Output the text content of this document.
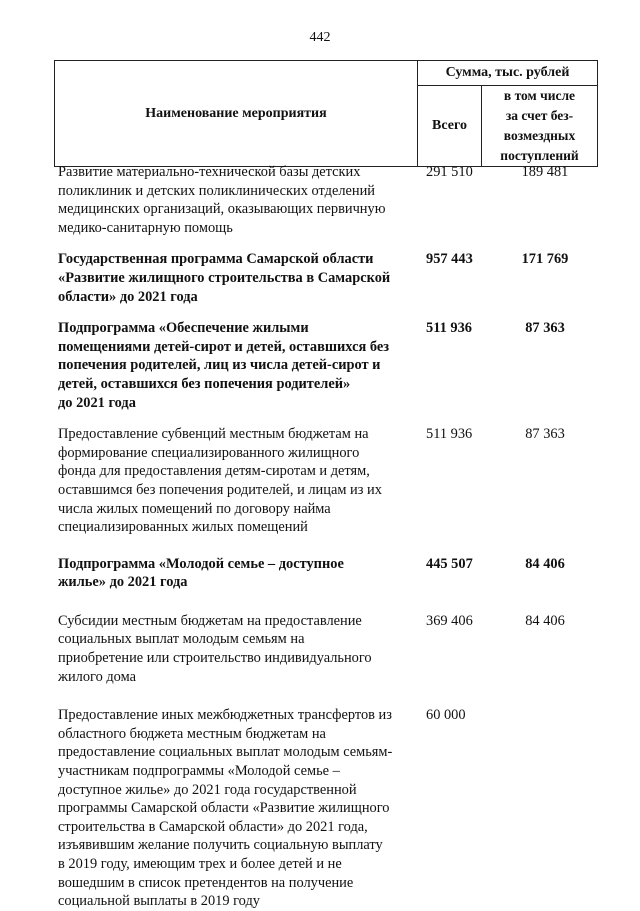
442
Наименование мероприятия	Сумма, тыс. рублей	
	Всего	в том числе
за счет без-
возмездных
поступлений
Развитие материально-технической базы детских
поликлиник и детских поликлинических отделений
медицинских организаций, оказывающих первичную
медико-санитарную помощь
291 510	189 481
Государственная программа Самарской области
«Развитие жилищного строительства в Самарской
области» до 2021 года
957 443	171 769
Подпрограмма «Обеспечение жилыми
помещениями детей-сирот и детей, оставшихся без
попечения родителей, лиц из числа детей-сирот и
детей, оставшихся без попечения родителей»
до 2021 года
511 936	87 363
Предоставление субвенций местным бюджетам на
формирование специализированного жилищного
фонда для предоставления детям-сиротам и детям,
оставшимся без попечения родителей, и лицам из их
числа жилых помещений по договору найма
специализированных жилых помещений
511 936	87 363
Подпрограмма «Молодой семье – доступное
жилье» до 2021 года
445 507	84 406
Субсидии местным бюджетам на предоставление
социальных выплат молодым семьям на
приобретение или строительство индивидуального
жилого дома
369 406	84 406
Предоставление иных межбюджетных трансфертов из
областного бюджета местным бюджетам на
предоставление социальных выплат молодым семьям-
участникам подпрограммы «Молодой семье –
доступное жилье» до 2021 года государственной
программы Самарской области «Развитие жилищного
строительства в Самарской области» до 2021 года,
изъявившим желание получить социальную выплату
в 2019 году, имеющим трех и более детей и не
вошедшим в список претендентов на получение
социальной выплаты в 2019 году
60 000
